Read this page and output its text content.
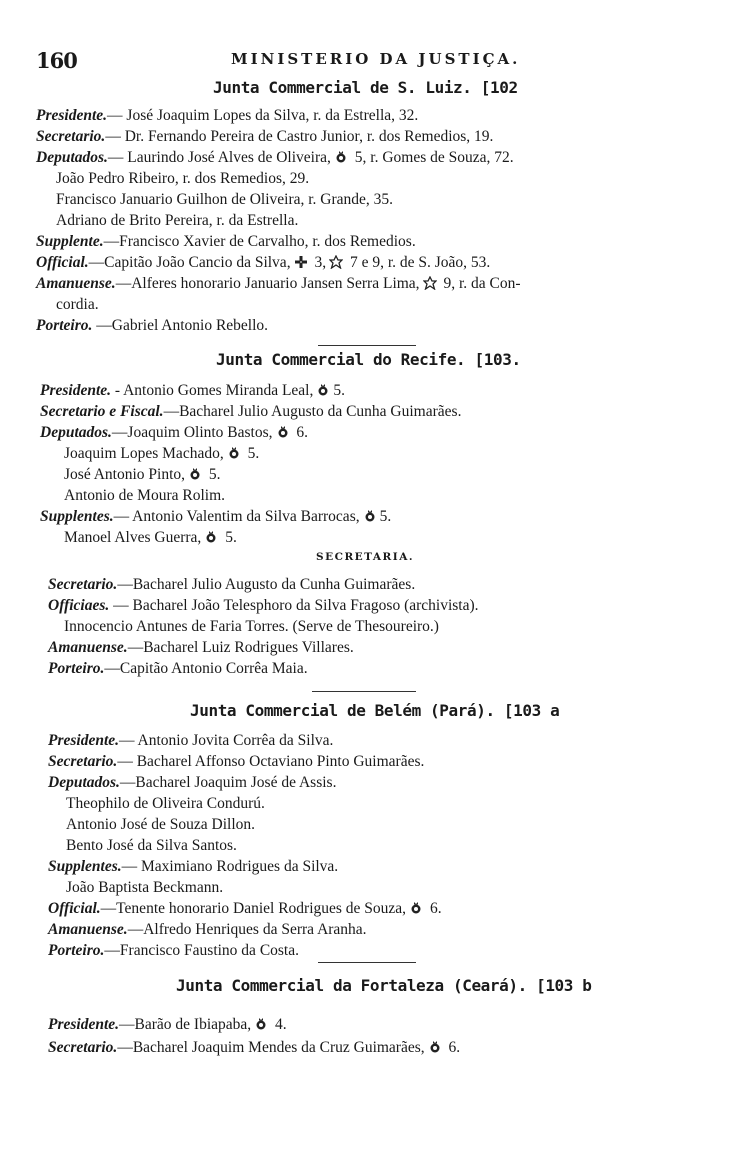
160	MINISTERIO DA JUSTIÇA.
Junta Commercial de S. Luiz. [102
Presidente.— José Joaquim Lopes da Silva, r. da Estrella, 32.
Secretario.— Dr. Fernando Pereira de Castro Junior, r. dos Remedios, 19.
Deputados.— Laurindo José Alves de Oliveira,
5, r. Gomes de Souza, 72.
João Pedro Ribeiro, r. dos Remedios, 29.
Francisco Januario Guilhon de Oliveira, r. Grande, 35.
Adriano de Brito Pereira, r. da Estrella.
Supplente.—Francisco Xavier de Carvalho, r. dos Remedios.
Official.—Capitão João Cancio da Silva,
3,
7 e 9, r. de S. João, 53.
Amanuense.—Alferes honorario Januario Jansen Serra Lima,
9, r. da Con-
cordia.
Porteiro. —Gabriel Antonio Rebello.
Junta Commercial do Recife. [103.
Presidente. - Antonio Gomes Miranda Leal, 5.
Secretario e Fiscal.—Bacharel Julio Augusto da Cunha Guimarães.
Deputados.—Joaquim Olinto Bastos,
6.
Joaquim Lopes Machado,
5.
José Antonio Pinto,
5.
Antonio de Moura Rolim.
Supplentes.— Antonio Valentim da Silva Barrocas, 5.
Manoel Alves Guerra,
5.
SECRETARIA.
Secretario.—Bacharel Julio Augusto da Cunha Guimarães.
Officiaes. — Bacharel João Telesphoro da Silva Fragoso (archivista).
Innocencio Antunes de Faria Torres. (Serve de Thesoureiro.)
Amanuense.—Bacharel Luiz Rodrigues Villares.
Porteiro.—Capitão Antonio Corrêa Maia.
Junta Commercial de Belém (Pará). [103 a
Presidente.— Antonio Jovita Corrêa da Silva.
Secretario.— Bacharel Affonso Octaviano Pinto Guimarães.
Deputados.—Bacharel Joaquim José de Assis.
Theophilo de Oliveira Condurú.
Antonio José de Souza Dillon.
Bento José da Silva Santos.
Supplentes.— Maximiano Rodrigues da Silva.
João Baptista Beckmann.
Official.—Tenente honorario Daniel Rodrigues de Souza,
6.
Amanuense.—Alfredo Henriques da Serra Aranha.
Porteiro.—Francisco Faustino da Costa.
Junta Commercial da Fortaleza (Ceará). [103 b
Presidente.—Barão de Ibiapaba,
4.
Secretario.—Bacharel Joaquim Mendes da Cruz Guimarães,
6.
